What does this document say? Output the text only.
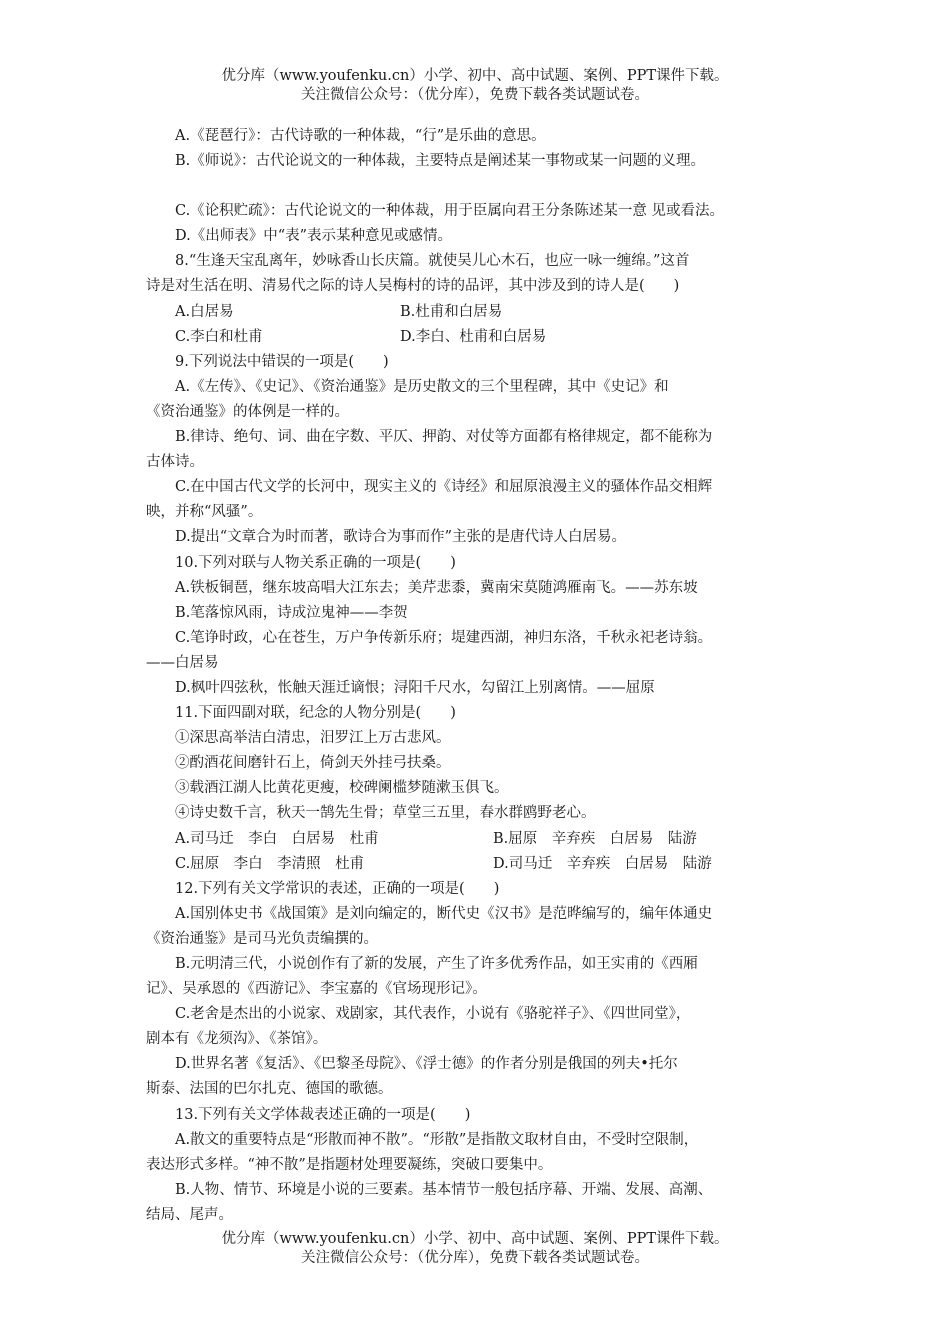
优分库（www.youfenku.cn）小学、初中、高中试题、案例、PPT课件下载。
关注微信公众号：（优分库），免费下载各类试题试卷。
A.《琵琶行》：古代诗歌的一种体裁，“行”是乐曲的意思。
B.《师说》：古代论说文的一种体裁，主要特点是阐述某一事物或某一问题的义理。
C.《论积贮疏》：古代论说文的一种体裁，用于臣属向君王分条陈述某一意 见或看法。
D.《出师表》中“表”表示某种意见或感情。
8.“生逢天宝乱离年，妙咏香山长庆篇。就使吴儿心木石，也应一咏一缠绵。”这首
诗是对生活在明、清易代之际的诗人吴梅村的诗的品评，其中涉及到的诗人是(　　)
A.白居易	B.杜甫和白居易
C.李白和杜甫	D.李白、杜甫和白居易
9.下列说法中错误的一项是(　　)
A.《左传》、《史记》、《资治通鉴》是历史散文的三个里程碑，其中《史记》和
《资治通鉴》的体例是一样的。
B.律诗、绝句、词、曲在字数、平仄、押韵、对仗等方面都有格律规定，都不能称为
古体诗。
C.在中国古代文学的长河中，现实主义的《诗经》和屈原浪漫主义的骚体作品交相辉
映，并称“风骚”。
D.提出“文章合为时而著，歌诗合为事而作”主张的是唐代诗人白居易。
10.下列对联与人物关系正确的一项是(　　)
A.铁板铜琶，继东坡高唱大江东去；美芹悲黍，冀南宋莫随鸿雁南飞。——苏东坡
B.笔落惊风雨，诗成泣鬼神——李贺
C.笔诤时政，心在苍生，万户争传新乐府；堤建西湖，神归东洛，千秋永祀老诗翁。
——白居易
D.枫叶四弦秋，怅触天涯迁谪恨；浔阳千尺水，勾留江上别离情。——屈原
11.下面四副对联，纪念的人物分别是(　　)
①深思高举洁白清忠，汨罗江上万古悲风。
②酌酒花间磨针石上，倚剑天外挂弓扶桑。
③载酒江湖人比黄花更瘦，校碑阑槛梦随漱玉俱飞。
④诗史数千言，秋天一鹄先生骨；草堂三五里，春水群鸥野老心。
A.司马迁　李白　白居易　杜甫	B.屈原　辛弃疾　白居易　陆游
C.屈原　李白　李清照　杜甫	D.司马迁　辛弃疾　白居易　陆游
12.下列有关文学常识的表述，正确的一项是(　　)
A.国别体史书《战国策》是刘向编定的，断代史《汉书》是范晔编写的，编年体通史
《资治通鉴》是司马光负责编撰的。
B.元明清三代，小说创作有了新的发展，产生了许多优秀作品，如王实甫的《西厢
记》、吴承恩的《西游记》、李宝嘉的《官场现形记》。
C.老舍是杰出的小说家、戏剧家，其代表作，小说有《骆驼祥子》、《四世同堂》，
剧本有《龙须沟》、《茶馆》。
D.世界名著《复活》、《巴黎圣母院》、《浮士德》的作者分别是俄国的列夫•托尔
斯泰、法国的巴尔扎克、德国的歌德。
13.下列有关文学体裁表述正确的一项是(　　)
A.散文的重要特点是“形散而神不散”。“形散”是指散文取材自由，不受时空限制，
表达形式多样。“神不散”是指题材处理要凝练，突破口要集中。
B.人物、情节、环境是小说的三要素。基本情节一般包括序幕、开端、发展、高潮、
结局、尾声。
优分库（www.youfenku.cn）小学、初中、高中试题、案例、PPT课件下载。
关注微信公众号：（优分库），免费下载各类试题试卷。
